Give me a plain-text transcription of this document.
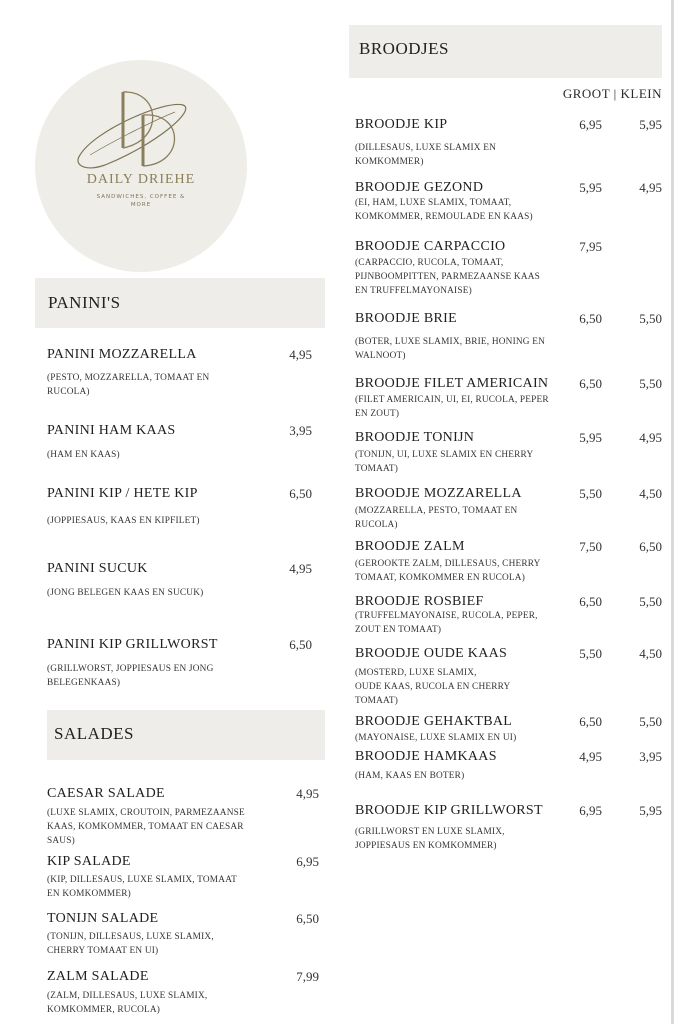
DAILY DRIEHE
SANDWICHES, COFFEE & MORE
PANINI'S
SALADES
BROODJES
GROOT | KLEIN
PANINI MOZZARELLA
(PESTO, MOZZARELLA, TOMAAT EN
RUCOLA)
4,95
PANINI HAM KAAS
(HAM EN KAAS)
3,95
PANINI KIP / HETE KIP
(JOPPIESAUS, KAAS EN KIPFILET)
6,50
PANINI SUCUK
(JONG BELEGEN KAAS EN SUCUK)
4,95
PANINI KIP GRILLWORST
(GRILLWORST, JOPPIESAUS EN JONG
BELEGENKAAS)
6,50
CAESAR SALADE
(LUXE SLAMIX, CROUTOIN, PARMEZAANSE
KAAS, KOMKOMMER, TOMAAT EN CAESAR
SAUS)
4,95
KIP SALADE
(KIP, DILLESAUS, LUXE SLAMIX, TOMAAT
EN KOMKOMMER)
6,95
TONIJN SALADE
(TONIJN, DILLESAUS, LUXE SLAMIX,
CHERRY TOMAAT EN UI)
6,50
ZALM SALADE
(ZALM, DILLESAUS, LUXE SLAMIX,
KOMKOMMER, RUCOLA)
7,99
BROODJE KIP
(DILLESAUS, LUXE SLAMIX EN
KOMKOMMER)
6,95	5,95
BROODJE GEZOND
(EI, HAM, LUXE SLAMIX, TOMAAT,
KOMKOMMER, REMOULADE EN KAAS)
5,95	4,95
BROODJE CARPACCIO
(CARPACCIO, RUCOLA, TOMAAT,
PIJNBOOMPITTEN, PARMEZAANSE KAAS
EN TRUFFELMAYONAISE)
7,95
BROODJE BRIE
(BOTER, LUXE SLAMIX, BRIE, HONING EN
WALNOOT)
6,50	5,50
BROODJE FILET AMERICAIN
(FILET AMERICAIN, UI, EI, RUCOLA, PEPER
EN ZOUT)
6,50	5,50
BROODJE TONIJN
(TONIJN, UI, LUXE SLAMIX EN CHERRY
TOMAAT)
5,95	4,95
BROODJE MOZZARELLA
(MOZZARELLA, PESTO, TOMAAT EN
RUCOLA)
5,50	4,50
BROODJE ZALM
(GEROOKTE ZALM, DILLESAUS, CHERRY
TOMAAT, KOMKOMMER EN RUCOLA)
7,50	6,50
BROODJE ROSBIEF
(TRUFFELMAYONAISE, RUCOLA, PEPER,
ZOUT EN TOMAAT)
6,50	5,50
BROODJE OUDE KAAS
(MOSTERD, LUXE SLAMIX,
OUDE KAAS, RUCOLA EN CHERRY
TOMAAT)
5,50	4,50
BROODJE GEHAKTBAL
(MAYONAISE, LUXE SLAMIX EN UI)
6,50	5,50
BROODJE HAMKAAS
(HAM, KAAS EN BOTER)
4,95	3,95
BROODJE KIP GRILLWORST
(GRILLWORST EN LUXE SLAMIX,
JOPPIESAUS EN KOMKOMMER)
6,95	5,95
